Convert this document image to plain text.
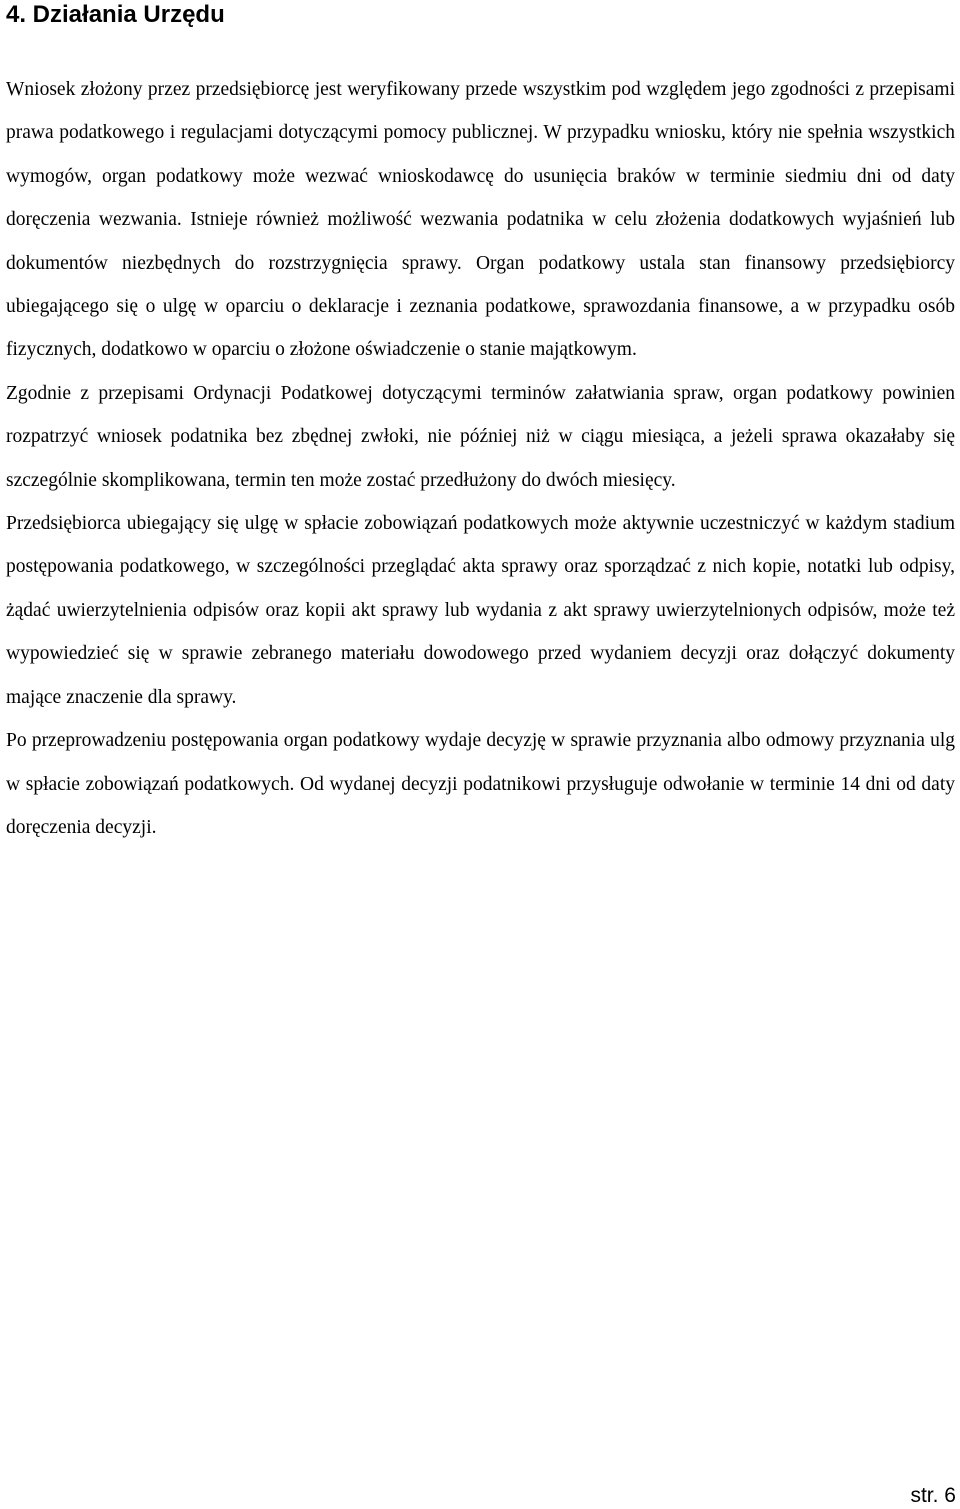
4. Działania Urzędu

Wniosek złożony przez przedsiębiorcę jest weryfikowany przede wszystkim pod względem jego zgodności z przepisami prawa podatkowego i regulacjami dotyczącymi pomocy publicznej. W przypadku wniosku, który nie spełnia wszystkich wymogów, organ podatkowy może wezwać wnioskodawcę do usunięcia braków w terminie siedmiu dni od daty doręczenia wezwania. Istnieje również możliwość wezwania podatnika w celu złożenia dodatkowych wyjaśnień lub dokumentów niezbędnych do rozstrzygnięcia sprawy. Organ podatkowy ustala stan finansowy przedsiębiorcy ubiegającego się o ulgę w oparciu o deklaracje i zeznania podatkowe, sprawozdania finansowe, a w przypadku osób fizycznych, dodatkowo w oparciu o złożone oświadczenie o stanie majątkowym.

Zgodnie z przepisami Ordynacji Podatkowej dotyczącymi terminów załatwiania spraw, organ podatkowy powinien rozpatrzyć wniosek podatnika bez zbędnej zwłoki, nie później niż w ciągu miesiąca, a jeżeli sprawa okazałaby się szczególnie skomplikowana, termin ten może zostać przedłużony do dwóch miesięcy.

Przedsiębiorca ubiegający się ulgę w spłacie zobowiązań podatkowych może aktywnie uczestniczyć w każdym stadium postępowania podatkowego, w szczególności przeglądać akta sprawy oraz sporządzać z nich kopie, notatki lub odpisy, żądać uwierzytelnienia odpisów oraz kopii akt sprawy lub wydania z akt sprawy uwierzytelnionych odpisów, może też wypowiedzieć się w sprawie zebranego materiału dowodowego przed wydaniem decyzji oraz dołączyć dokumenty mające znaczenie dla sprawy.

Po przeprowadzeniu postępowania organ podatkowy wydaje decyzję w sprawie przyznania albo odmowy przyznania ulg w spłacie zobowiązań podatkowych. Od wydanej decyzji podatnikowi przysługuje odwołanie w terminie 14 dni od daty doręczenia decyzji.

str. 6
